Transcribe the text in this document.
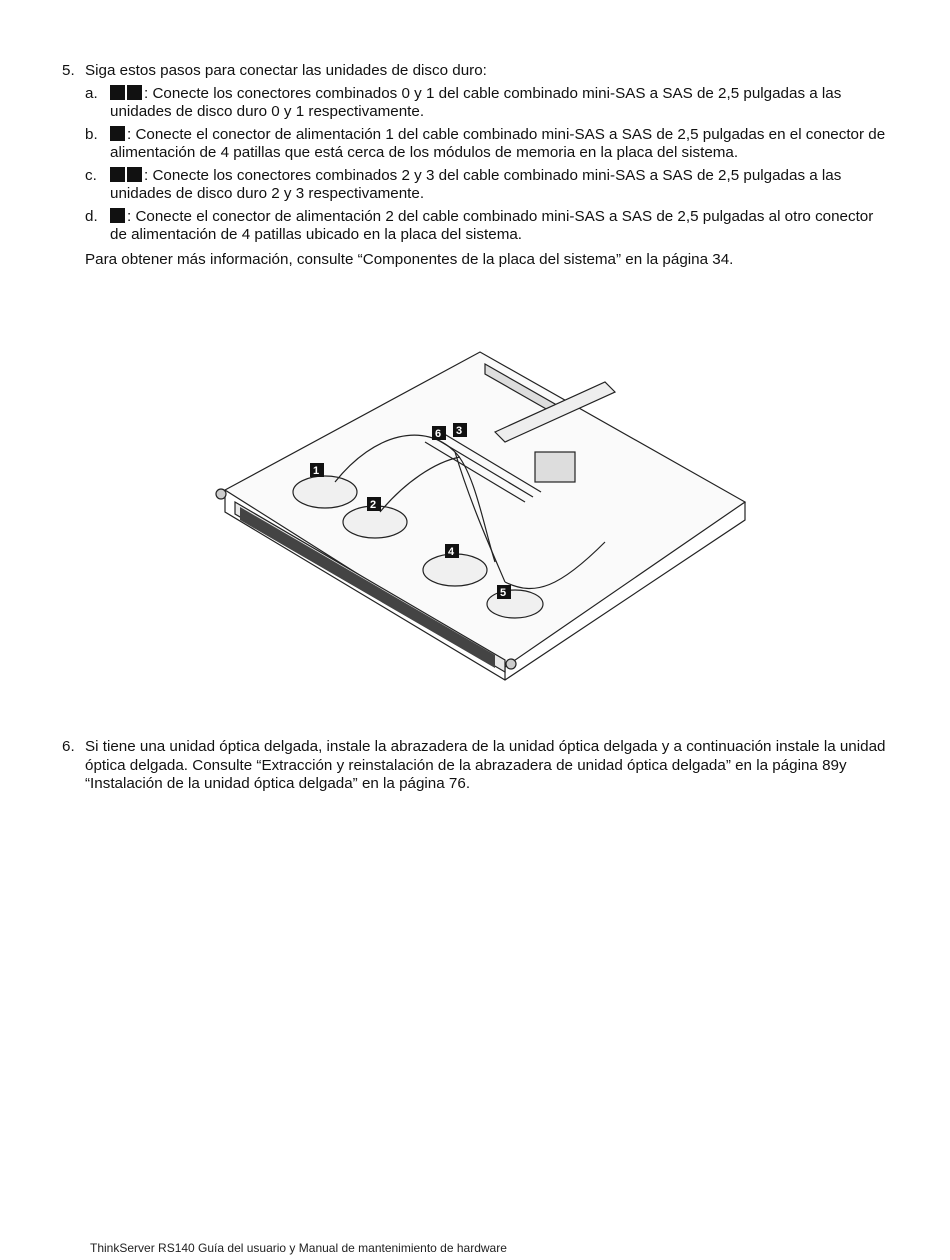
5. Siga estos pasos para conectar las unidades de disco duro:
a.	: Conecte los conectores combinados 0 y 1 del cable combinado mini-SAS a SAS de 2,5 pulgadas a las unidades de disco duro 0 y 1 respectivamente.
b.	: Conecte el conector de alimentación 1 del cable combinado mini-SAS a SAS de 2,5 pulgadas en el conector de alimentación de 4 patillas que está cerca de los módulos de memoria en la placa del sistema.
c.	: Conecte los conectores combinados 2 y 3 del cable combinado mini-SAS a SAS de 2,5 pulgadas a las unidades de disco duro 2 y 3 respectivamente.
d.	: Conecte el conector de alimentación 2 del cable combinado mini-SAS a SAS de 2,5 pulgadas al otro conector de alimentación de 4 patillas ubicado en la placa del sistema.
Para obtener más información, consulte “Componentes de la placa del sistema” en la página 34.
1
2
3
4
5
6
6. Si tiene una unidad óptica delgada, instale la abrazadera de la unidad óptica delgada y a continuación instale la unidad óptica delgada. Consulte “Extracción y reinstalación de la abrazadera de unidad óptica delgada” en la página 89y “Instalación de la unidad óptica delgada” en la página 76.
ThinkServer RS140 Guía del usuario y Manual de mantenimiento de hardware
